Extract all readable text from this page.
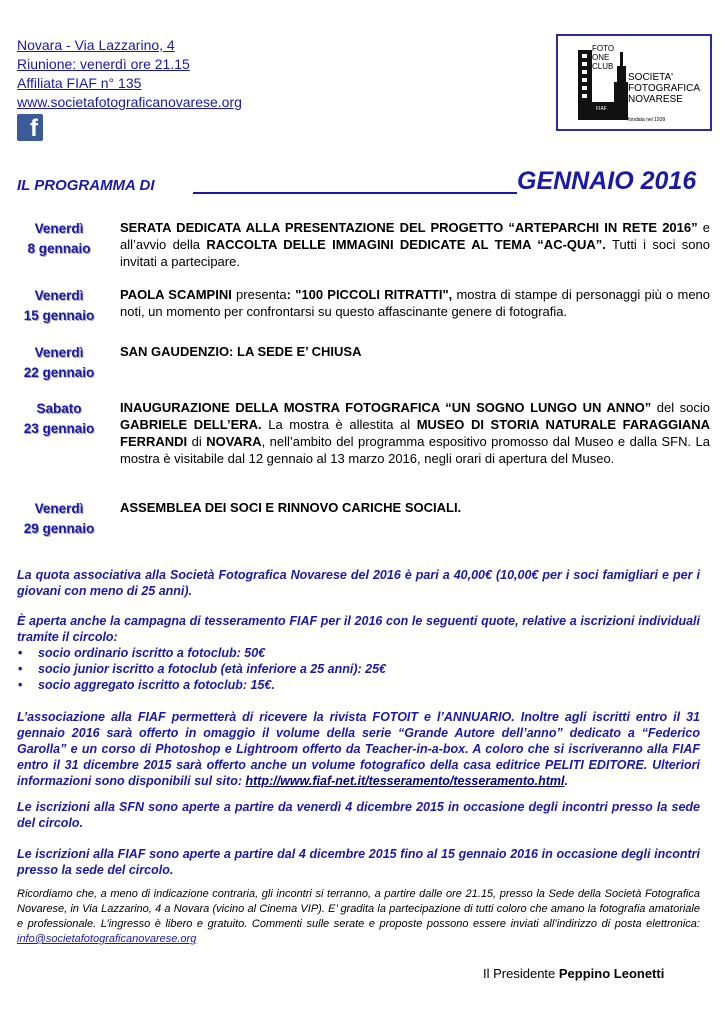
Novara - Via Lazzarino, 4
Riunione: venerdì ore 21.15
Affiliata FIAF n° 135
www.societafotograficanovarese.org
f
FOTO
ONE
CLUB
SOCIETA'
FOTOGRAFICA
NOVARESE
FIAF
fondata nel 1939
IL PROGRAMMA DI	GENNAIO 2016
Venerdì
8 gennaio
SERATA DEDICATA ALLA PRESENTAZIONE DEL PROGETTO “ARTEPARCHI IN RETE 2016” e all’avvio della RACCOLTA DELLE IMMAGINI DEDICATE AL TEMA “AC-QUA”. Tutti i soci sono invitati a partecipare.
Venerdì
15 gennaio
PAOLA SCAMPINI presenta: "100 PICCOLI RITRATTI", mostra di stampe di personaggi più o meno noti, un momento per confrontarsi su questo affascinante genere di fotografia.
Venerdì
22 gennaio
SAN GAUDENZIO: LA SEDE E’ CHIUSA
Sabato
23 gennaio
INAUGURAZIONE DELLA MOSTRA FOTOGRAFICA “UN SOGNO LUNGO UN ANNO” del socio GABRIELE DELL’ERA. La mostra è allestita al MUSEO DI STORIA NATURALE FARAGGIANA FERRANDI di NOVARA, nell’ambito del programma espositivo promosso dal Museo e dalla SFN. La mostra è visitabile dal 12 gennaio al 13 marzo 2016, negli orari di apertura del Museo.
Venerdì
29 gennaio
ASSEMBLEA DEI SOCI E RINNOVO CARICHE SOCIALI.
La quota associativa alla Società Fotografica Novarese del 2016 è pari a 40,00€ (10,00€ per i soci famigliari e per i giovani con meno di 25 anni).
È aperta anche la campagna di tesseramento FIAF per il 2016 con le seguenti quote, relative a iscrizioni individuali tramite il circolo:
• socio ordinario iscritto a fotoclub: 50€
• socio junior iscritto a fotoclub (età inferiore a 25 anni): 25€
• socio aggregato iscritto a fotoclub: 15€.
L’associazione alla FIAF permetterà di ricevere la rivista FOTOIT e l’ANNUARIO. Inoltre agli iscritti entro il 31 gennaio 2016 sarà offerto in omaggio il volume della serie “Grande Autore dell’anno” dedicato a “Federico Garolla” e un corso di Photoshop e Lightroom offerto da Teacher-in-a-box. A coloro che si iscriveranno alla FIAF entro il 31 dicembre 2015 sarà offerto anche un volume fotografico della casa editrice PELITI EDITORE. Ulteriori informazioni sono disponibili sul sito: http://www.fiaf-net.it/tesseramento/tesseramento.html.
Le iscrizioni alla SFN sono aperte a partire da venerdì 4 dicembre 2015 in occasione degli incontri presso la sede del circolo.
Le iscrizioni alla FIAF sono aperte a partire dal 4 dicembre 2015 fino al 15 gennaio 2016 in occasione degli incontri presso la sede del circolo.
Ricordiamo che, a meno di indicazione contraria, gli incontri si terranno, a partire dalle ore 21.15, presso la Sede della Società Fotografica Novarese, in Via Lazzarino, 4 a Novara (vicino al Cinema VIP). E’ gradita la partecipazione di tutti coloro che amano la fotografia amatoriale e professionale. L’ingresso è libero e gratuito. Commenti sulle serate e proposte possono essere inviati all’indirizzo di posta elettronica: info@societafotograficanovarese.org
Il Presidente Peppino Leonetti
